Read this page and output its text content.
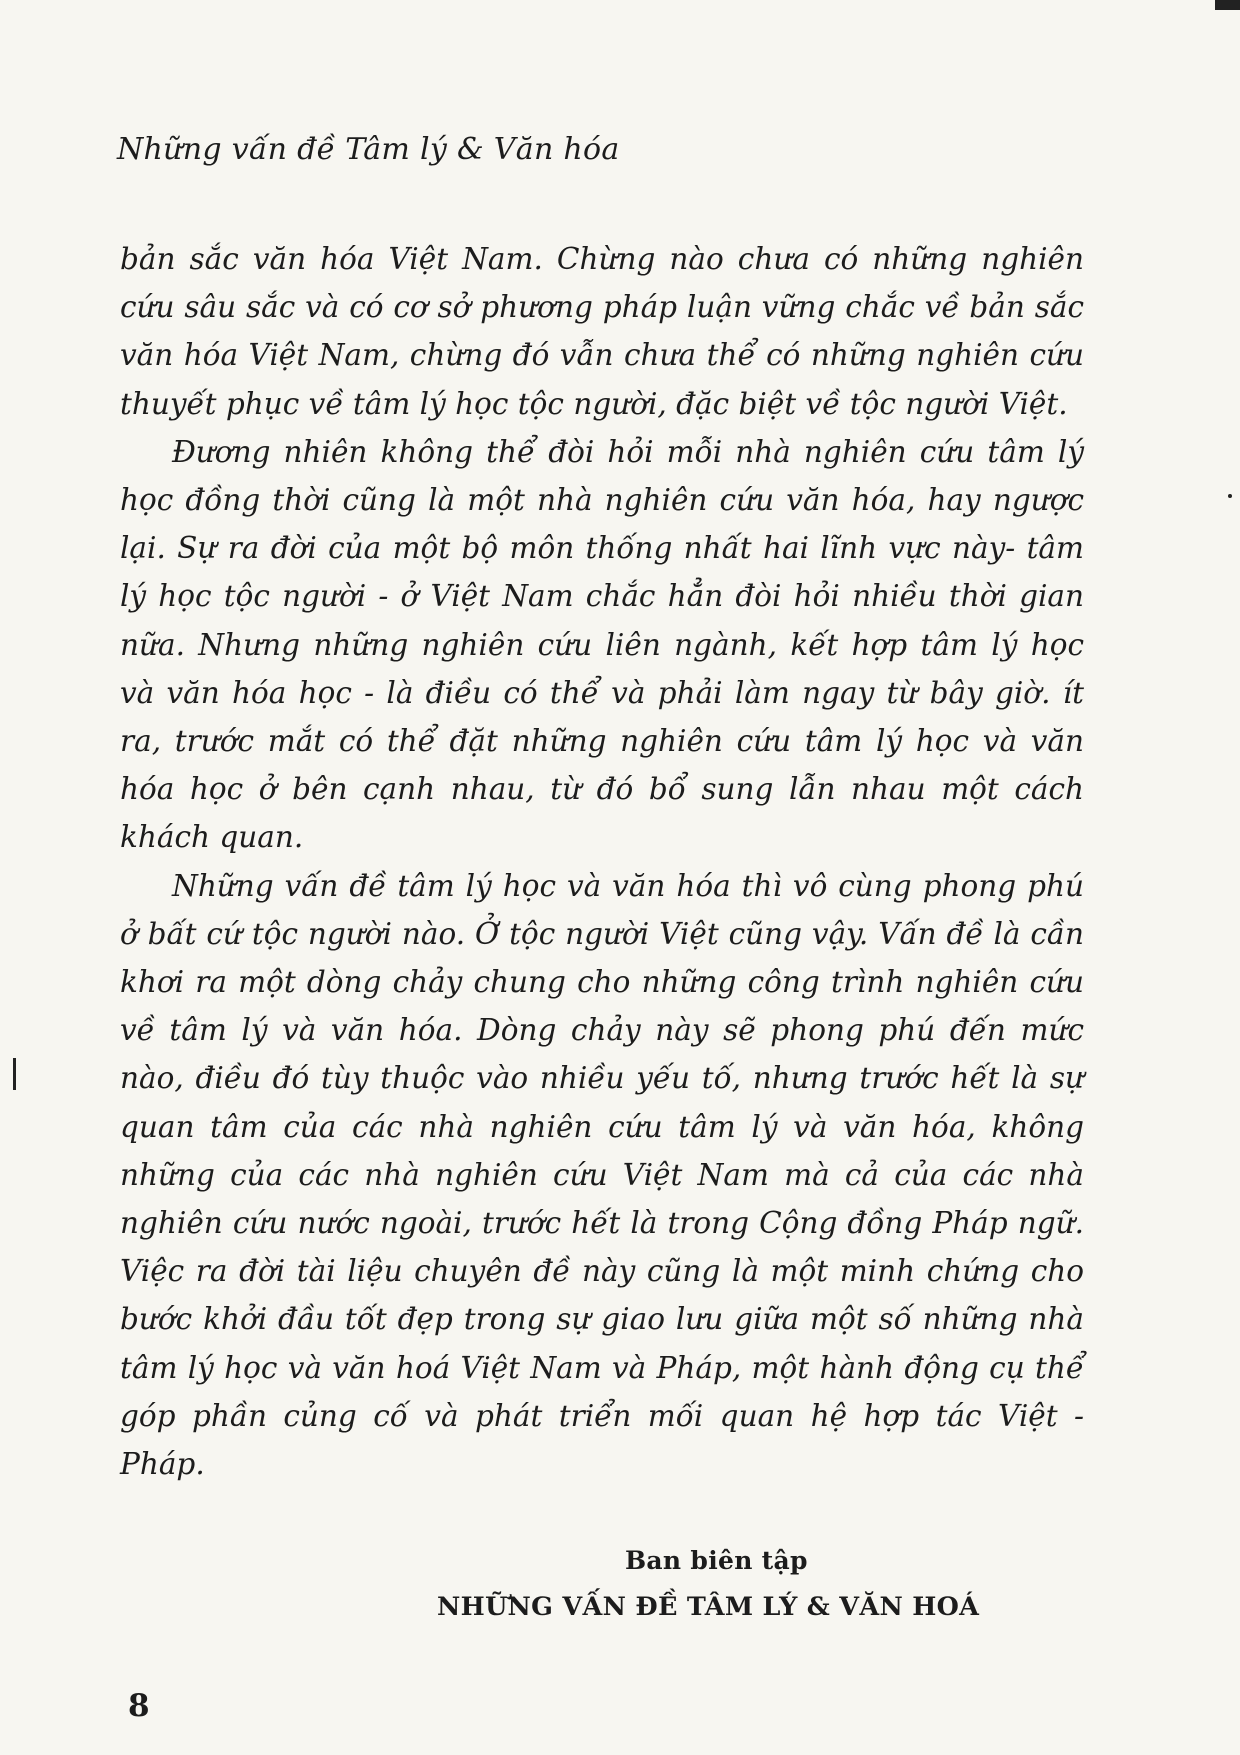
Những vấn đề Tâm lý & Văn hóa

bản sắc văn hóa Việt Nam. Chừng nào chưa có những nghiên cứu sâu sắc và có cơ sở phương pháp luận vững chắc về bản sắc văn hóa Việt Nam, chừng đó vẫn chưa thể có những nghiên cứu thuyết phục về tâm lý học tộc người, đặc biệt về tộc người Việt.

Đương nhiên không thể đòi hỏi mỗi nhà nghiên cứu tâm lý học đồng thời cũng là một nhà nghiên cứu văn hóa, hay ngược lại. Sự ra đời của một bộ môn thống nhất hai lĩnh vực này- tâm lý học tộc người - ở Việt Nam chắc hẳn đòi hỏi nhiều thời gian nữa. Nhưng những nghiên cứu liên ngành, kết hợp tâm lý học và văn hóa học - là điều có thể và phải làm ngay từ bây giờ. ít ra, trước mắt có thể đặt những nghiên cứu tâm lý học và văn hóa học ở bên cạnh nhau, từ đó bổ sung lẫn nhau một cách khách quan.

Những vấn đề tâm lý học và văn hóa thì vô cùng phong phú ở bất cứ tộc người nào. Ở tộc người Việt cũng vậy. Vấn đề là cần khơi ra một dòng chảy chung cho những công trình nghiên cứu về tâm lý và văn hóa. Dòng chảy này sẽ phong phú đến mức nào, điều đó tùy thuộc vào nhiều yếu tố, nhưng trước hết là sự quan tâm của các nhà nghiên cứu tâm lý và văn hóa, không những của các nhà nghiên cứu Việt Nam mà cả của các nhà nghiên cứu nước ngoài, trước hết là trong Cộng đồng Pháp ngữ. Việc ra đời tài liệu chuyên đề này cũng là một minh chứng cho bước khởi đầu tốt đẹp trong sự giao lưu giữa một số những nhà tâm lý học và văn hoá Việt Nam và Pháp, một hành động cụ thể góp phần củng cố và phát triển mối quan hệ hợp tác Việt - Pháp.

Ban biên tập
NHỮNG VẤN ĐỀ TÂM LÝ & VĂN HOÁ
8
